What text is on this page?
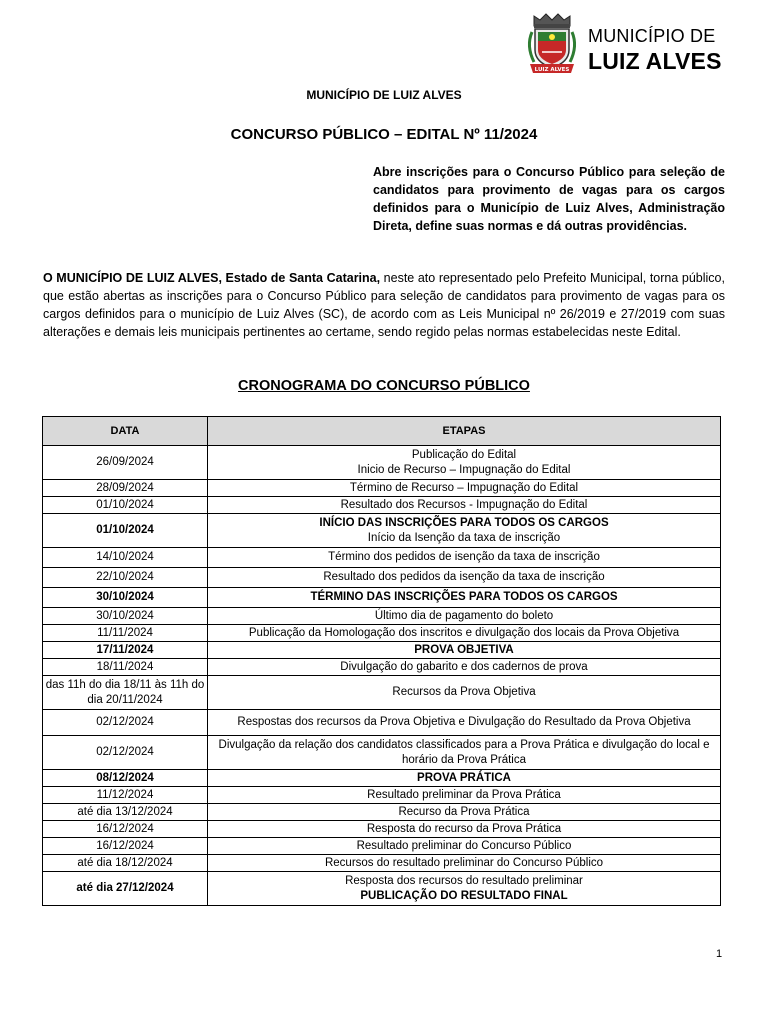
LUIZ ALVES
MUNICÍPIO DE
LUIZ ALVES
MUNICÍPIO DE LUIZ ALVES
CONCURSO PÚBLICO – EDITAL Nº 11/2024
Abre inscrições para o Concurso Público para seleção de candidatos para provimento de vagas para os cargos definidos para o Município de Luiz Alves, Administração Direta, define suas normas e dá outras providências.
O MUNICÍPIO DE LUIZ ALVES, Estado de Santa Catarina, neste ato representado pelo Prefeito Municipal, torna público, que estão abertas as inscrições para o Concurso Público para seleção de candidatos para provimento de vagas para os cargos definidos para o município de Luiz Alves (SC), de acordo com as Leis Municipal nº 26/2019 e 27/2019 com suas alterações e demais leis municipais pertinentes ao certame, sendo regido pelas normas estabelecidas neste Edital.
CRONOGRAMA DO CONCURSO PÚBLICO
DATA	ETAPAS
26/09/2024	Publicação do Edital
Inicio de Recurso – Impugnação do Edital
28/09/2024	Término de Recurso – Impugnação do Edital
01/10/2024	Resultado dos Recursos - Impugnação do Edital
01/10/2024	INÍCIO DAS INSCRIÇÕES PARA TODOS OS CARGOS
Início da Isenção da taxa de inscrição
14/10/2024	Término dos pedidos de isenção da taxa de inscrição
22/10/2024	Resultado dos pedidos da isenção da taxa de inscrição
30/10/2024	TÉRMINO DAS INSCRIÇÕES PARA TODOS OS CARGOS
30/10/2024	Último dia de pagamento do boleto
11/11/2024	Publicação da Homologação dos inscritos e divulgação dos locais da Prova Objetiva
17/11/2024	PROVA OBJETIVA
18/11/2024	Divulgação do gabarito e dos cadernos de prova
das 11h do dia 18/11 às 11h do dia 20/11/2024	Recursos da Prova Objetiva
02/12/2024	Respostas dos recursos da Prova Objetiva e Divulgação do Resultado da Prova Objetiva
02/12/2024	Divulgação da relação dos candidatos classificados para a Prova Prática e divulgação do local e horário da Prova Prática
08/12/2024	PROVA PRÁTICA
11/12/2024	Resultado preliminar da Prova Prática
até dia 13/12/2024	Recurso da Prova Prática
16/12/2024	Resposta do recurso da Prova Prática
16/12/2024	Resultado preliminar do Concurso Público
até dia 18/12/2024	Recursos do resultado preliminar do Concurso Público
até dia 27/12/2024	Resposta dos recursos do resultado preliminar
PUBLICAÇÃO DO RESULTADO FINAL
1
